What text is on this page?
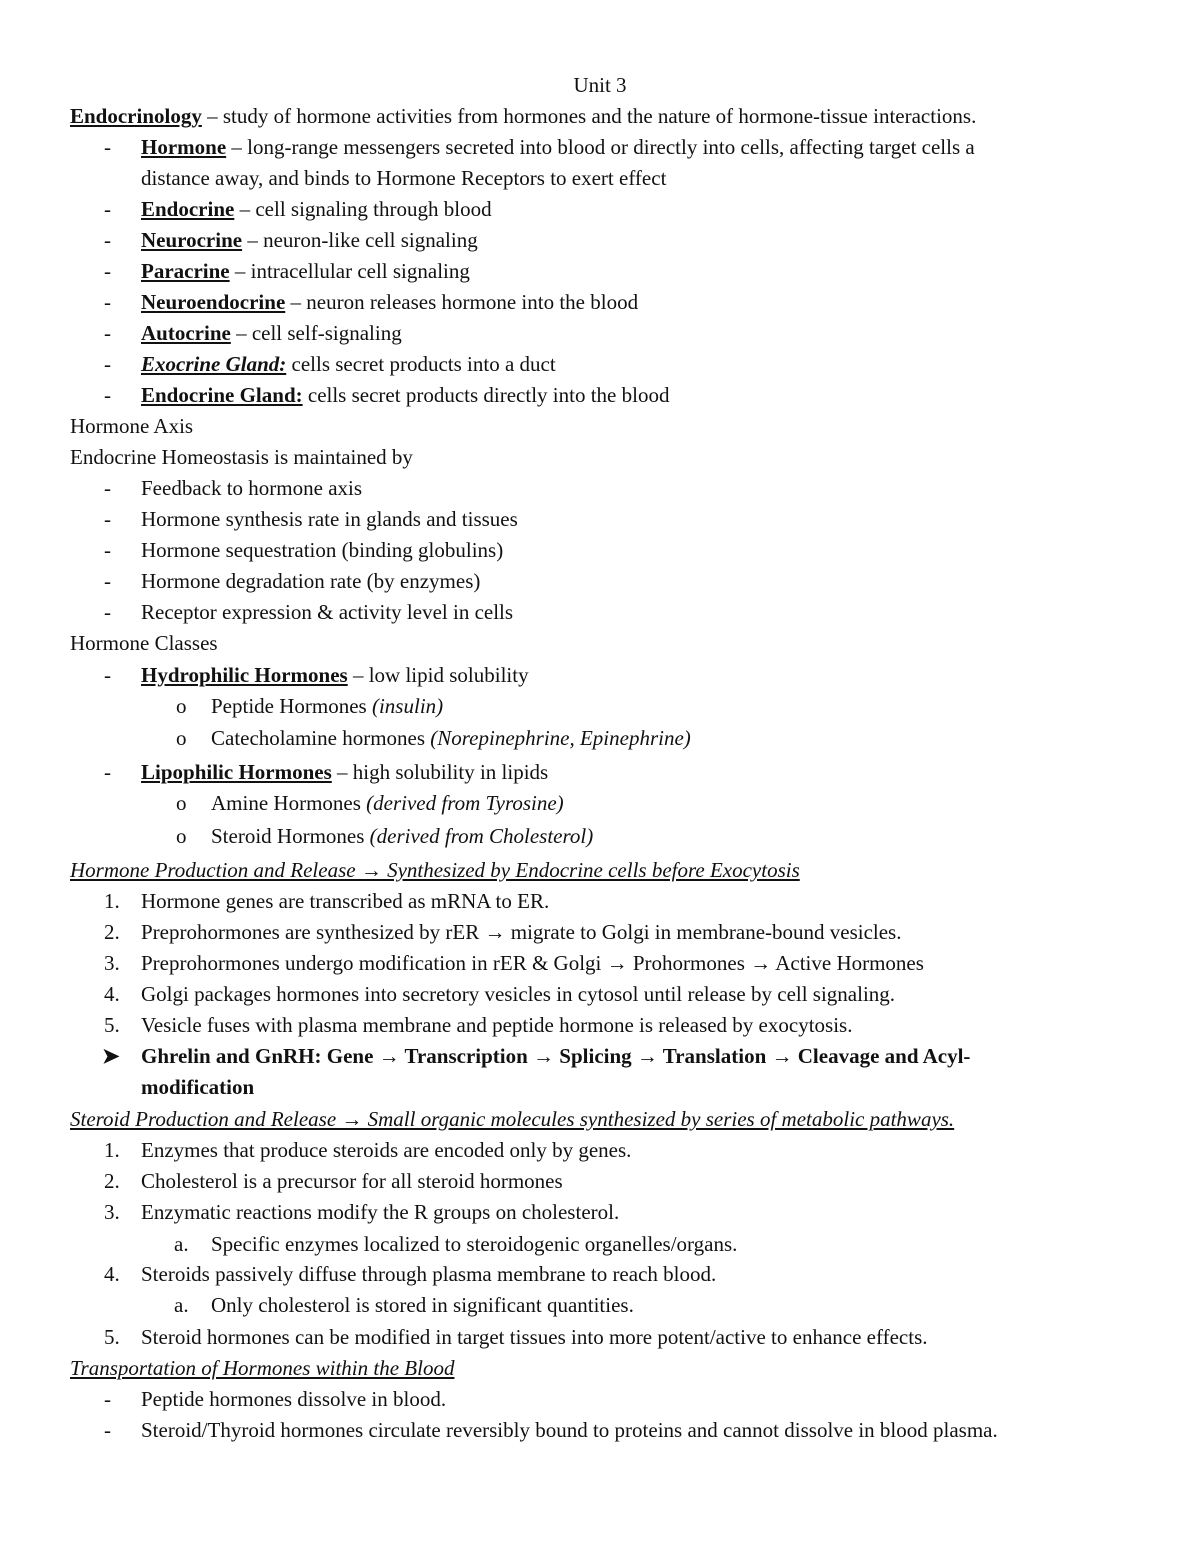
Unit 3
Endocrinology – study of hormone activities from hormones and the nature of hormone-tissue interactions.
- Hormone – long-range messengers secreted into blood or directly into cells, affecting target cells a
distance away, and binds to Hormone Receptors to exert effect
- Endocrine – cell signaling through blood
- Neurocrine – neuron-like cell signaling
- Paracrine – intracellular cell signaling
- Neuroendocrine – neuron releases hormone into the blood
- Autocrine – cell self-signaling
- Exocrine Gland: cells secret products into a duct
- Endocrine Gland: cells secret products directly into the blood
Hormone Axis
Endocrine Homeostasis is maintained by
- Feedback to hormone axis
- Hormone synthesis rate in glands and tissues
- Hormone sequestration (binding globulins)
- Hormone degradation rate (by enzymes)
- Receptor expression & activity level in cells
Hormone Classes
- Hydrophilic Hormones – low lipid solubility
o Peptide Hormones (insulin)
o Catecholamine hormones (Norepinephrine, Epinephrine)
- Lipophilic Hormones – high solubility in lipids
o Amine Hormones (derived from Tyrosine)
o Steroid Hormones (derived from Cholesterol)
Hormone Production and Release → Synthesized by Endocrine cells before Exocytosis
1. Hormone genes are transcribed as mRNA to ER.
2. Preprohormones are synthesized by rER → migrate to Golgi in membrane-bound vesicles.
3. Preprohormones undergo modification in rER & Golgi → Prohormones → Active Hormones
4. Golgi packages hormones into secretory vesicles in cytosol until release by cell signaling.
5. Vesicle fuses with plasma membrane and peptide hormone is released by exocytosis.
➤ Ghrelin and GnRH: Gene → Transcription → Splicing → Translation → Cleavage and Acyl-
modification
Steroid Production and Release → Small organic molecules synthesized by series of metabolic pathways.
1. Enzymes that produce steroids are encoded only by genes.
2. Cholesterol is a precursor for all steroid hormones
3. Enzymatic reactions modify the R groups on cholesterol.
a. Specific enzymes localized to steroidogenic organelles/organs.
4. Steroids passively diffuse through plasma membrane to reach blood.
a. Only cholesterol is stored in significant quantities.
5. Steroid hormones can be modified in target tissues into more potent/active to enhance effects.
Transportation of Hormones within the Blood
- Peptide hormones dissolve in blood.
- Steroid/Thyroid hormones circulate reversibly bound to proteins and cannot dissolve in blood plasma.
